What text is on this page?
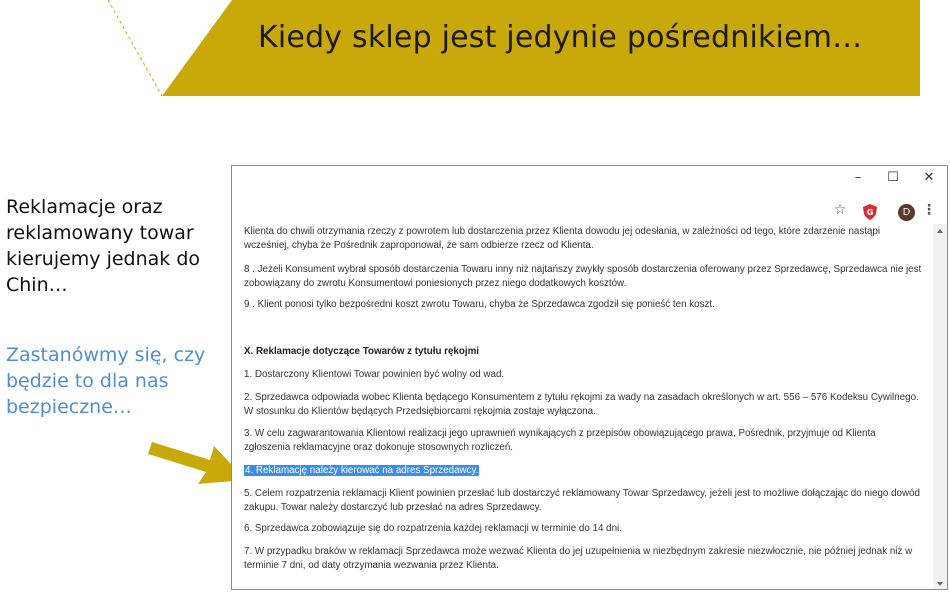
Kiedy sklep jest jedynie pośrednikiem…
Reklamacje oraz reklamowany towar kierujemy jednak do Chin…
Zastanówmy się, czy będzie to dla nas bezpieczne…
–	☐ ✕
☆	⋮
G	D
Klienta do chwili otrzymania rzeczy z powrotem lub dostarczenia przez Klienta dowodu jej odesłania, w zależności od tego, które zdarzenie nastąpi wcześniej, chyba że Pośrednik zaproponował, że sam odbierze rzecz od Klienta.
8 . Jeżeli Konsument wybrał sposób dostarczenia Towaru inny niż najtańszy zwykły sposób dostarczenia oferowany przez Sprzedawcę, Sprzedawca nie jest zobowiązany do zwrotu Konsumentowi poniesionych przez niego dodatkowych kosztów.
9 . Klient ponosi tylko bezpośredni koszt zwrotu Towaru, chyba że Sprzedawca zgodził się ponieść ten koszt.
X. Reklamacje dotyczące Towarów z tytułu rękojmi
1. Dostarczony Klientowi Towar powinien być wolny od wad.
2. Sprzedawca odpowiada wobec Klienta będącego Konsumentem z tytułu rękojmi za wady na zasadach określonych w art. 556 – 576 Kodeksu Cywilnego. W stosunku do Klientów będących Przedsiębiorcami rękojmia zostaje wyłączona.
3. W celu zagwarantowania Klientowi realizacji jego uprawnień wynikających z przepisów obowiązującego prawa, Pośrednik, przyjmuje od Klienta zgłoszenia reklamacyjne oraz dokonuje stosownych rozliczeń.
4. Reklamację należy kierować na adres Sprzedawcy.
5. Celem rozpatrzenia reklamacji Klient powinien przesłać lub dostarczyć reklamowany Towar Sprzedawcy, jeżeli jest to możliwe dołączając do niego dowód zakupu. Towar należy dostarczyć lub przesłać na adres Sprzedawcy.
6. Sprzedawca zobowiązuje się do rozpatrzenia każdej reklamacji w terminie do 14 dni.
7. W przypadku braków w reklamacji Sprzedawca może wezwać Klienta do jej uzupełnienia w niezbędnym zakresie niezwłocznie, nie później jednak niż w terminie 7 dni, od daty otrzymania wezwania przez Klienta.
